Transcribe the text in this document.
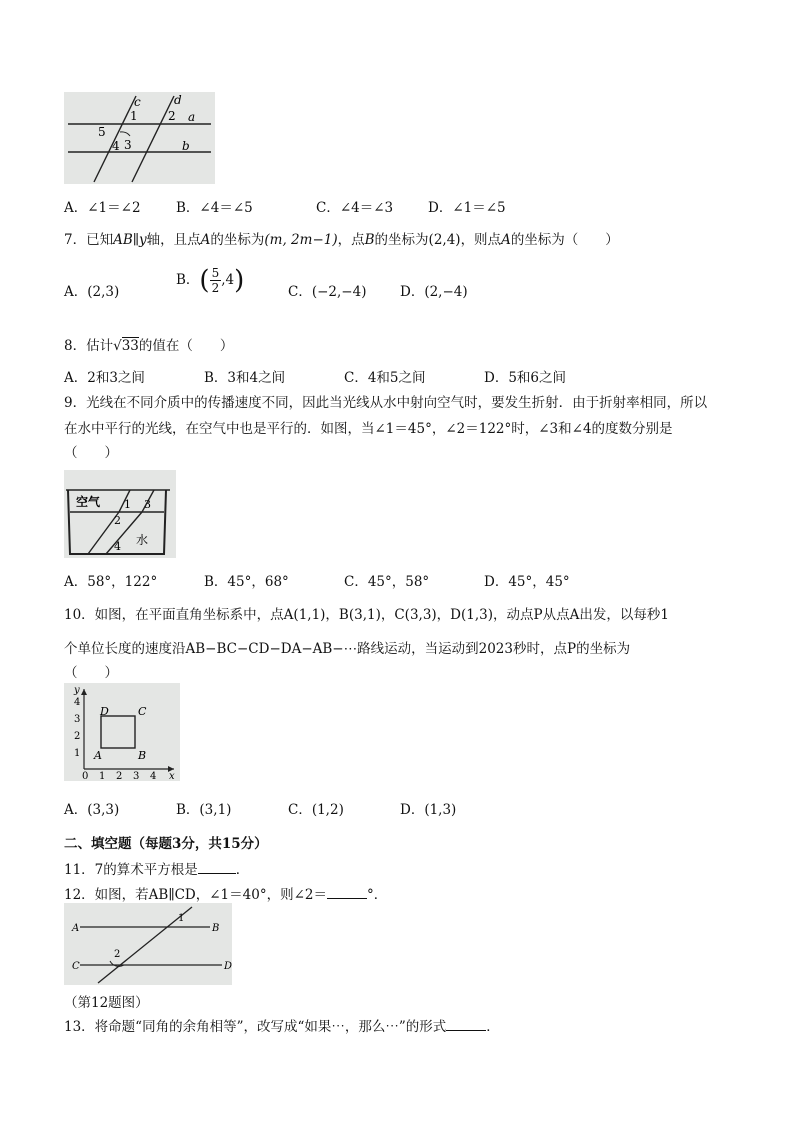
c	d
a
b
1	2
3
4
5
A．∠1＝∠2	B．∠4＝∠5	C．∠4＝∠3	D．∠1＝∠5
7．已知AB∥y轴，且点A的坐标为(m, 2m−1)，点B的坐标为(2,4)，则点A的坐标为（　　）
A．(2,3)
B．( $\frac{5}{2} ,4$)	C．(−2,−4) D．(2,−4)
8．估计√33的值在（　　）
A．2和3之间	B．3和4之间	C．4和5之间	D．5和6之间
9．光线在不同介质中的传播速度不同，因此当光线从水中射向空气时，要发生折射．由于折射率相同，所以
在水中平行的光线，在空气中也是平行的．如图，当∠1＝45°，∠2＝122°时，∠3和∠4的度数分别是
（　　）
空气
水
1
2
3
4
A．58°，122°	B．45°，68°	C．45°，58°	D．45°，45°
10．如图，在平面直角坐标系中，点A(1,1)，B(3,1)，C(3,3)，D(1,3)，动点P从点A出发，以每秒1
个单位长度的速度沿AB−BC−CD−DA−AB−⋯路线运动，当运动到2023秒时，点P的坐标为
（　　）
x
y
A	B
C
D
0 1 2 3 4
1
2
3
4
A．(3,3)	B．(3,1)	C．(1,2)	D．(1,3)
二、填空题（每题3分，共15分）
11．7的算术平方根是	．
12．如图，若AB∥CD，∠1＝40°，则∠2＝	°．
A	B
C	D
1
2
（第12题图）
13．将命题“同角的余角相等”，改写成“如果⋯，那么⋯”的形式	．
